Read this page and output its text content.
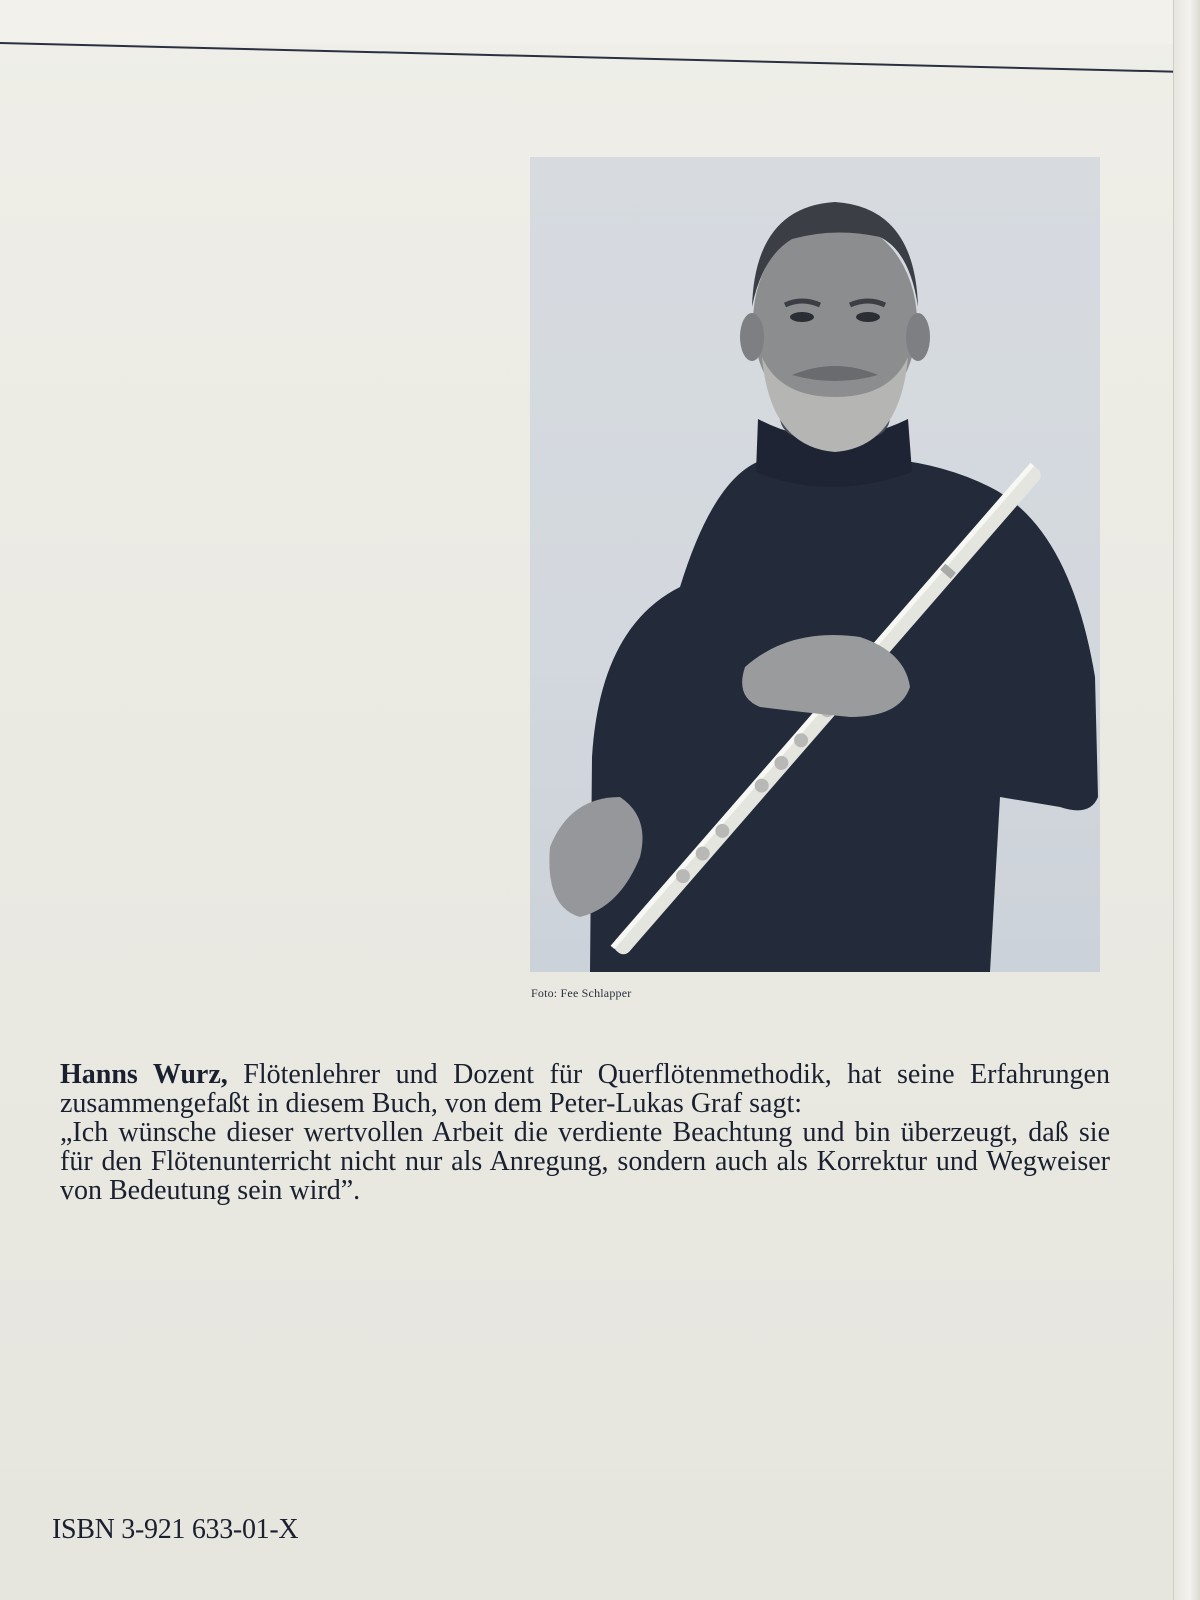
Foto: Fee Schlapper

Hanns Wurz, Flötenlehrer und Dozent für Querflötenmethodik, hat seine Erfahrungen zusammengefaßt in diesem Buch, von dem Peter-Lukas Graf sagt:

„Ich wünsche dieser wertvollen Arbeit die verdiente Beachtung und bin überzeugt, daß sie für den Flötenunterricht nicht nur als Anregung, sondern auch als Korrektur und Wegweiser von Bedeutung sein wird”.

ISBN 3-921 633-01-X
